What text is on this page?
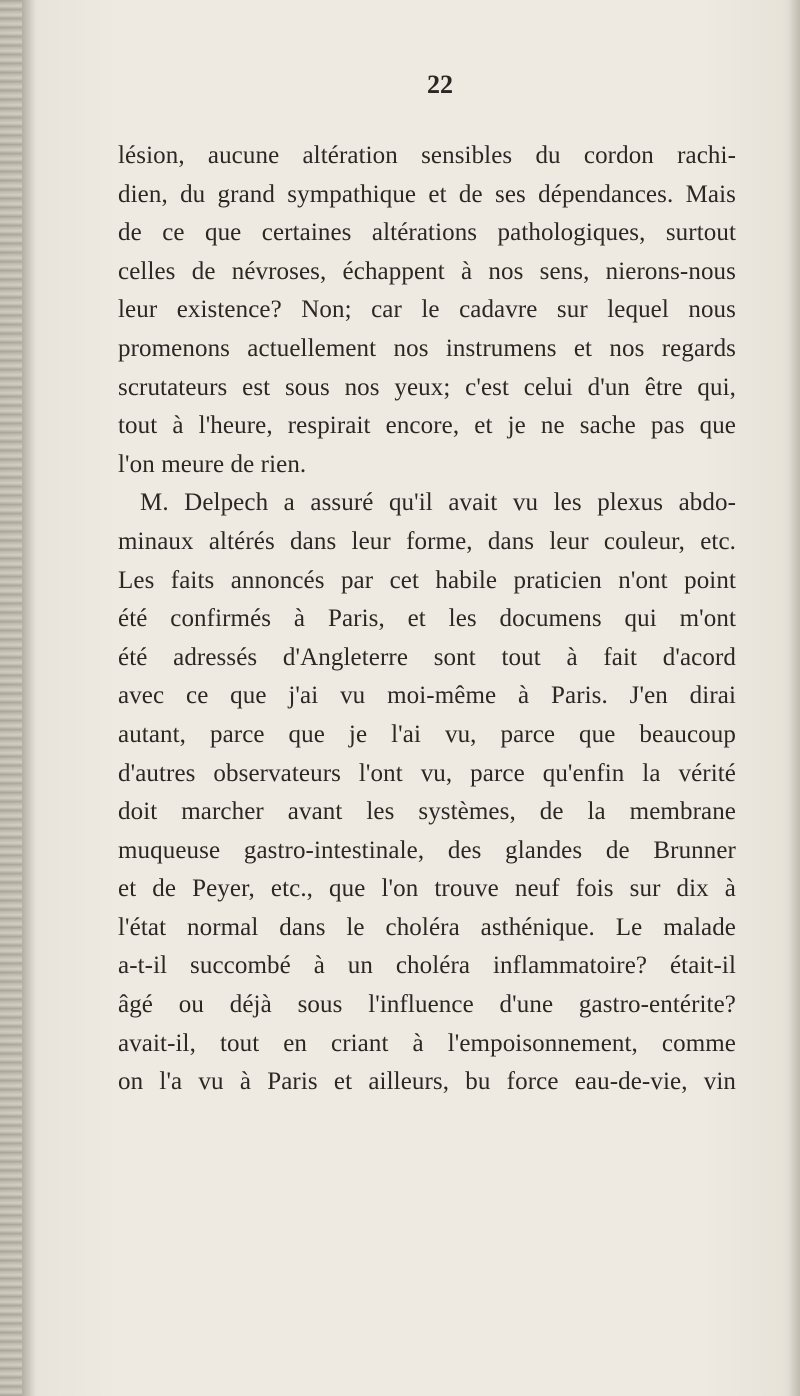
22
lésion, aucune altération sensibles du cordon rachi-
dien, du grand sympathique et de ses dépendances. Mais
de ce que certaines altérations pathologiques, surtout
celles de névroses, échappent à nos sens, nierons-nous
leur existence? Non; car le cadavre sur lequel nous
promenons actuellement nos instrumens et nos regards
scrutateurs est sous nos yeux; c'est celui d'un être qui,
tout à l'heure, respirait encore, et je ne sache pas que
l'on meure de rien.
M. Delpech a assuré qu'il avait vu les plexus abdo-
minaux altérés dans leur forme, dans leur couleur, etc.
Les faits annoncés par cet habile praticien n'ont point
été confirmés à Paris, et les documens qui m'ont
été adressés d'Angleterre sont tout à fait d'acord
avec ce que j'ai vu moi-même à Paris. J'en dirai
autant, parce que je l'ai vu, parce que beaucoup
d'autres observateurs l'ont vu, parce qu'enfin la vérité
doit marcher avant les systèmes, de la membrane
muqueuse gastro-intestinale, des glandes de Brunner
et de Peyer, etc., que l'on trouve neuf fois sur dix à
l'état normal dans le choléra asthénique. Le malade
a-t-il succombé à un choléra inflammatoire? était-il
âgé ou déjà sous l'influence d'une gastro-entérite?
avait-il, tout en criant à l'empoisonnement, comme
on l'a vu à Paris et ailleurs, bu force eau-de-vie, vin
